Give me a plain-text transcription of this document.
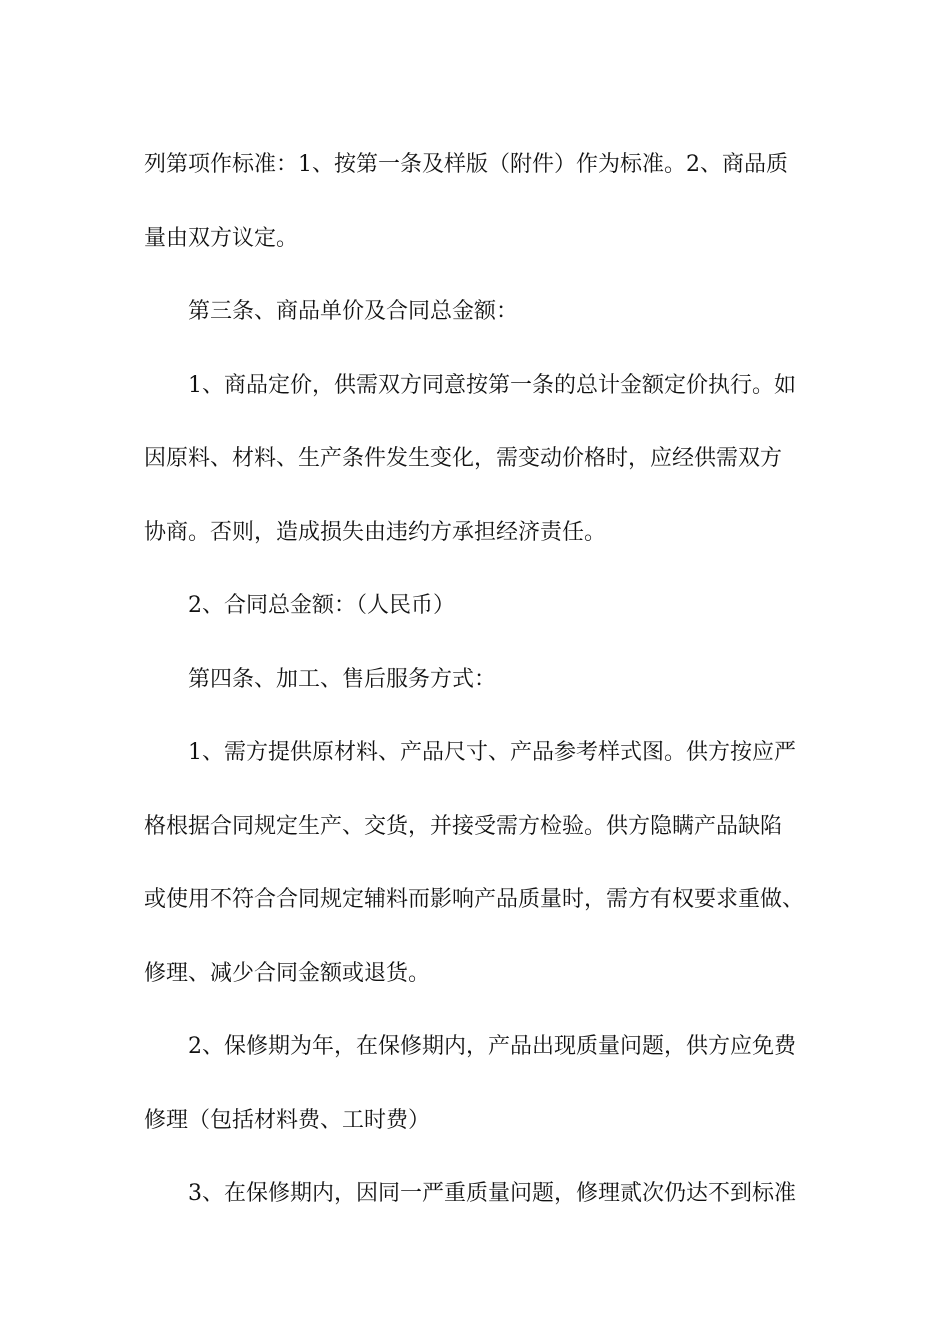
列第项作标准：1、按第一条及样版（附件）作为标准。2、商品质
量由双方议定。

第三条、商品单价及合同总金额：

1、商品定价，供需双方同意按第一条的总计金额定价执行。如
因原料、材料、生产条件发生变化，需变动价格时，应经供需双方
协商。否则，造成损失由违约方承担经济责任。

2、合同总金额：（人民币）

第四条、加工、售后服务方式：

1、需方提供原材料、产品尺寸、产品参考样式图。供方按应严
格根据合同规定生产、交货，并接受需方检验。供方隐瞒产品缺陷
或使用不符合合同规定辅料而影响产品质量时，需方有权要求重做、
修理、减少合同金额或退货。

2、保修期为年，在保修期内，产品出现质量问题，供方应免费
修理（包括材料费、工时费）

3、在保修期内，因同一严重质量问题，修理贰次仍达不到标准
